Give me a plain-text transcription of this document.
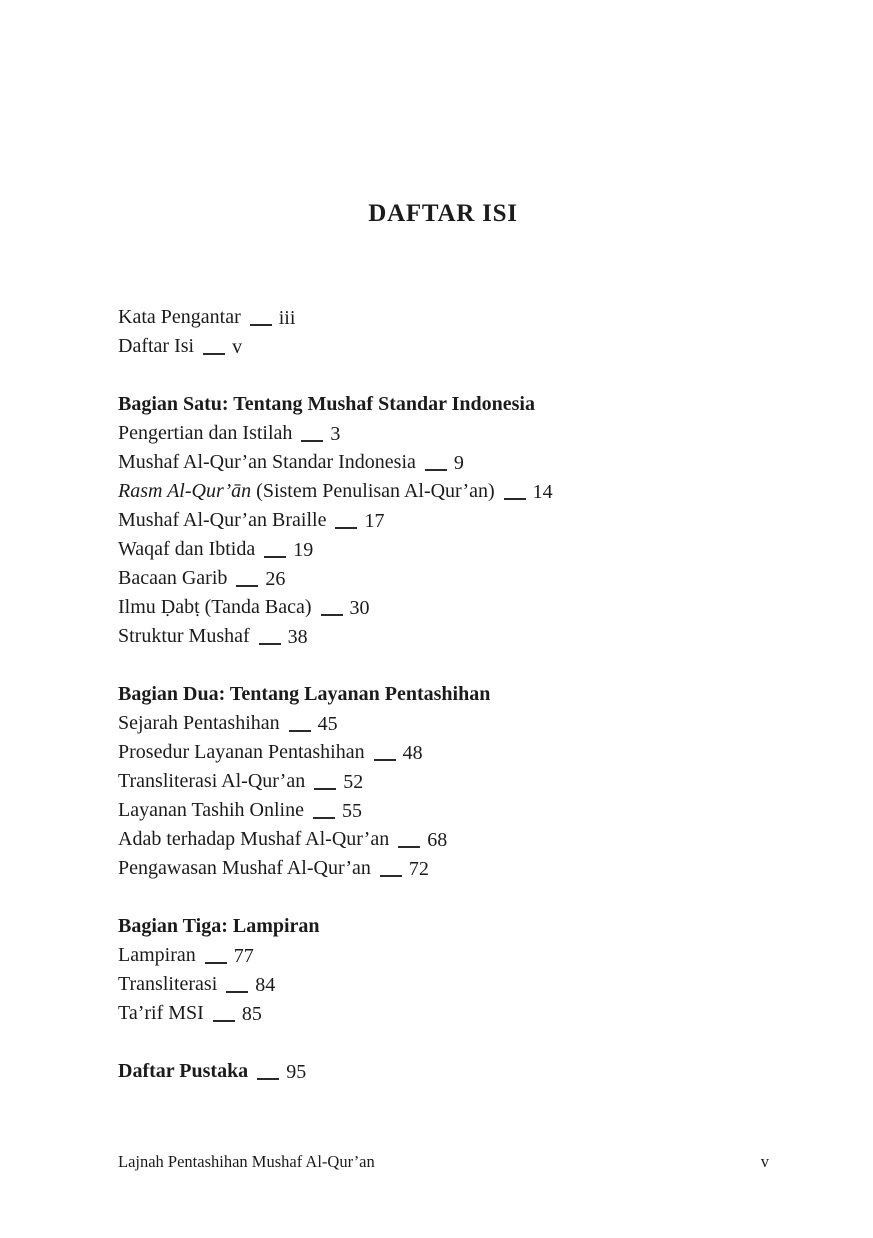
DAFTAR ISI

Kata Pengantar iii

Daftar Isi v

Bagian Satu: Tentang Mushaf Standar Indonesia

Pengertian dan Istilah 3

Mushaf Al-Qur’an Standar Indonesia 9

Rasm Al-Qur’ān (Sistem Penulisan Al-Qur’an) 14

Mushaf Al-Qur’an Braille 17

Waqaf dan Ibtida 19

Bacaan Garib 26

Ilmu Ḍabṭ (Tanda Baca) 30

Struktur Mushaf 38

Bagian Dua: Tentang Layanan Pentashihan

Sejarah Pentashihan 45

Prosedur Layanan Pentashihan 48

Transliterasi Al-Qur’an 52

Layanan Tashih Online 55

Adab terhadap Mushaf Al-Qur’an 68

Pengawasan Mushaf Al-Qur’an 72

Bagian Tiga: Lampiran

Lampiran 77

Transliterasi 84

Ta’rif MSI 85

Daftar Pustaka 95

Lajnah Pentashihan Mushaf Al-Qur’an	v
